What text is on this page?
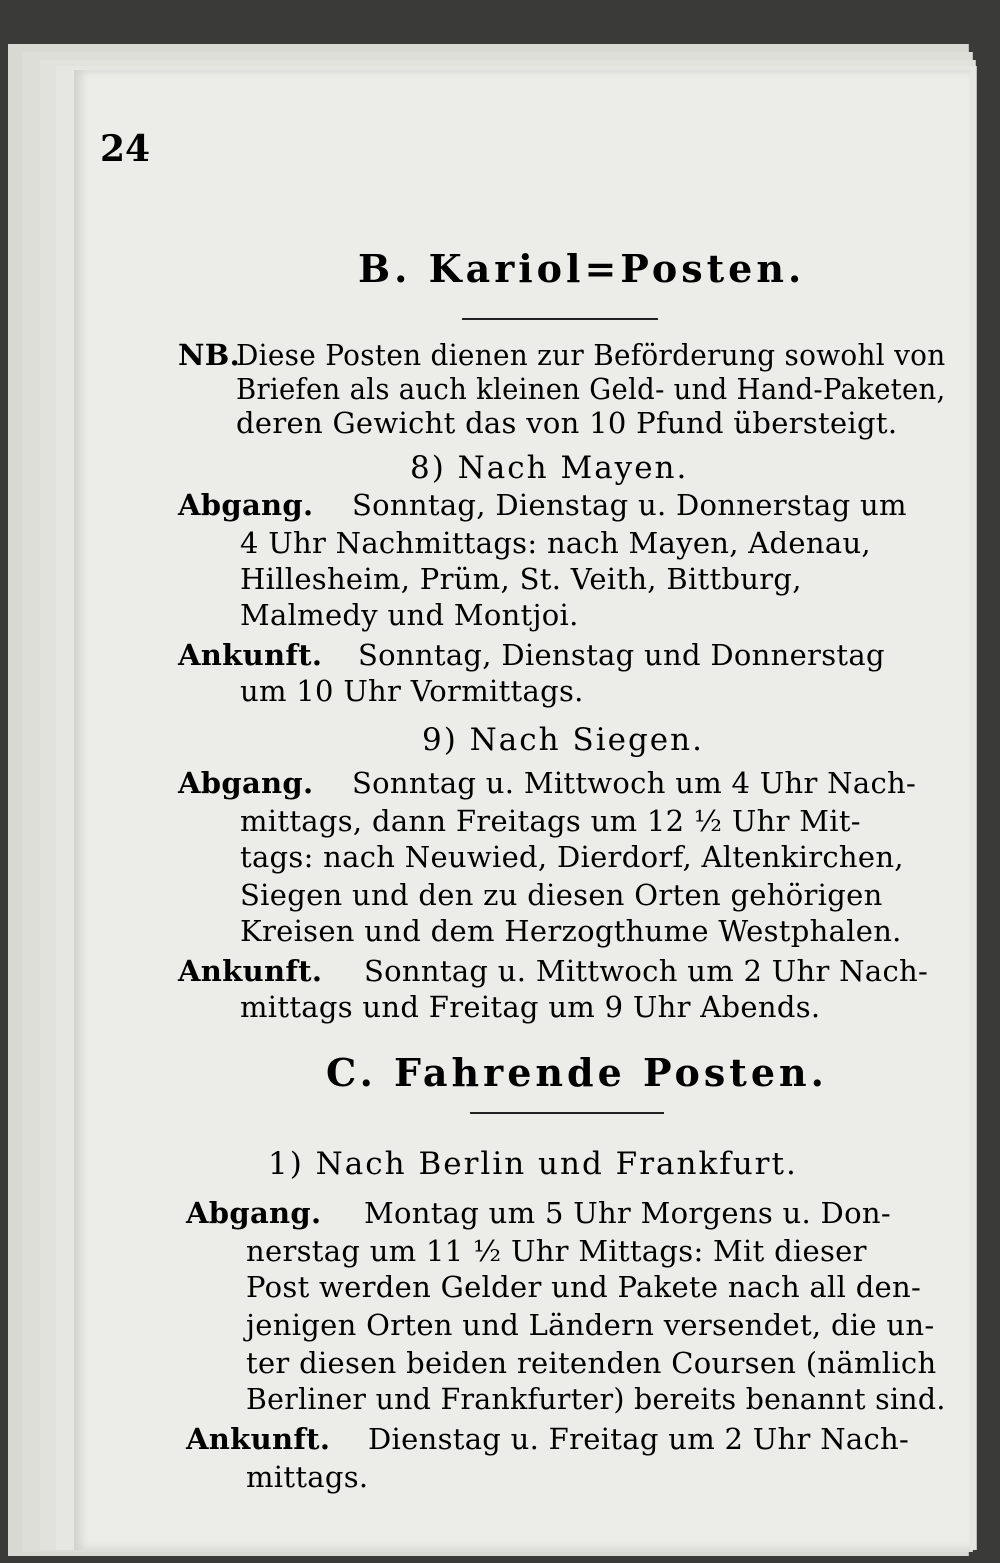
24
B. Kariol=Posten.
NB.
Diese Posten dienen zur Beförderung sowohl von
Briefen als auch kleinen Geld- und Hand-Paketen,
deren Gewicht das von 10 Pfund übersteigt.
8) Nach Mayen.
Abgang. Sonntag, Dienstag u. Donnerstag um
4 Uhr Nachmittags: nach Mayen, Adenau,
Hillesheim, Prüm, St. Veith, Bittburg,
Malmedy und Montjoi.
Ankunft. Sonntag, Dienstag und Donnerstag
um 10 Uhr Vormittags.
9) Nach Siegen.
Abgang. Sonntag u. Mittwoch um 4 Uhr Nach-
mittags, dann Freitags um 12 ½ Uhr Mit-
tags: nach Neuwied, Dierdorf, Altenkirchen,
Siegen und den zu diesen Orten gehörigen
Kreisen und dem Herzogthume Westphalen.
Ankunft. Sonntag u. Mittwoch um 2 Uhr Nach-
mittags und Freitag um 9 Uhr Abends.
C. Fahrende Posten.
1) Nach Berlin und Frankfurt.
Abgang. Montag um 5 Uhr Morgens u. Don-
nerstag um 11 ½ Uhr Mittags: Mit dieser
Post werden Gelder und Pakete nach all den-
jenigen Orten und Ländern versendet, die un-
ter diesen beiden reitenden Coursen (nämlich
Berliner und Frankfurter) bereits benannt sind.
Ankunft. Dienstag u. Freitag um 2 Uhr Nach-
mittags.
